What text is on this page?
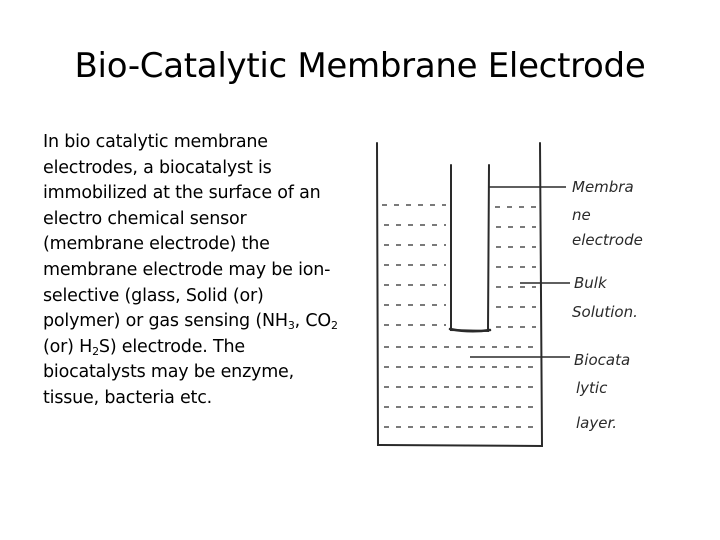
Bio-Catalytic Membrane Electrode
In bio catalytic membrane electrodes, a biocatalyst is immobilized at the surface of an electro chemical sensor (membrane electrode) the membrane electrode may be ion-selective (glass, Solid (or) polymer) or gas sensing ($NH_3$, $CO_2$ (or) $H_2S$) electrode. The biocatalysts may be enzyme, tissue, bacteria etc.
Membra
ne
electrode
Bulk
Solution.
Biocata
lytic
layer.
